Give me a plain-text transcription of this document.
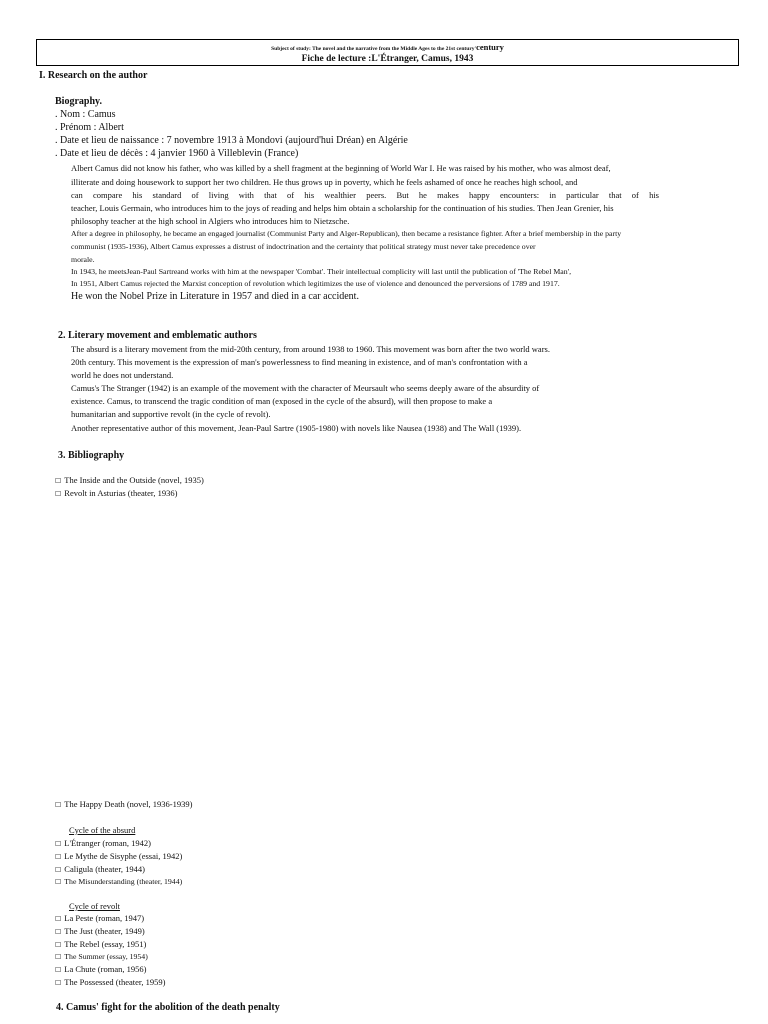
Subject of study: The novel and the narrative from the Middle Ages to the 21st century'century
Fiche de lecture :L'Étranger, Camus, 1943
I. Research on the author
Biography.
. Nom : Camus
. Prénom : Albert
. Date et lieu de naissance : 7 novembre 1913 à Mondovi (aujourd'hui Dréan) en Algérie
. Date et lieu de décès : 4 janvier 1960 à Villeblevin (France)
Albert Camus did not know his father, who was killed by a shell fragment at the beginning of World War I. He was raised by his mother, who was almost deaf,
illiterate and doing housework to support her two children. He thus grows up in poverty, which he feels ashamed of once he reaches high school, and
can compare his standard of living with that of his wealthier peers. But he makes happy encounters: in particular that of his
teacher, Louis Germain, who introduces him to the joys of reading and helps him obtain a scholarship for the continuation of his studies. Then Jean Grenier, his
philosophy teacher at the high school in Algiers who introduces him to Nietzsche.
After a degree in philosophy, he became an engaged journalist (Communist Party and Alger-Republican), then became a resistance fighter. After a brief membership in the party
communist (1935-1936), Albert Camus expresses a distrust of indoctrination and the certainty that political strategy must never take precedence over
morale.
In 1943, he meetsJean-Paul Sartreand works with him at the newspaper 'Combat'. Their intellectual complicity will last until the publication of 'The Rebel Man',
In 1951, Albert Camus rejected the Marxist conception of revolution which legitimizes the use of violence and denounced the perversions of 1789 and 1917.
He won the Nobel Prize in Literature in 1957 and died in a car accident.
2. Literary movement and emblematic authors
The absurd is a literary movement from the mid-20th century, from around 1938 to 1960. This movement was born after the two world wars.
20th century. This movement is the expression of man's powerlessness to find meaning in existence, and of man's confrontation with a
world he does not understand.
Camus's The Stranger (1942) is an example of the movement with the character of Meursault who seems deeply aware of the absurdity of
existence. Camus, to transcend the tragic condition of man (exposed in the cycle of the absurd), will then propose to make a
humanitarian and supportive revolt (in the cycle of revolt).
Another representative author of this movement, Jean-Paul Sartre (1905-1980) with novels like Nausea (1938) and The Wall (1939).
3. Bibliography
☐ The Inside and the Outside (novel, 1935)
☐ Revolt in Asturias (theater, 1936)
☐ The Happy Death (novel, 1936-1939)
Cycle of the absurd
☐ L'Étranger (roman, 1942)
☐ Le Mythe de Sisyphe (essai, 1942)
☐ Caligula (theater, 1944)
☐ The Misunderstanding (theater, 1944)
Cycle of revolt
☐ La Peste (roman, 1947)
☐ The Just (theater, 1949)
☐ The Rebel (essay, 1951)
☐ The Summer (essay, 1954)
☐ La Chute (roman, 1956)
☐ The Possessed (theater, 1959)
4. Camus' fight for the abolition of the death penalty
